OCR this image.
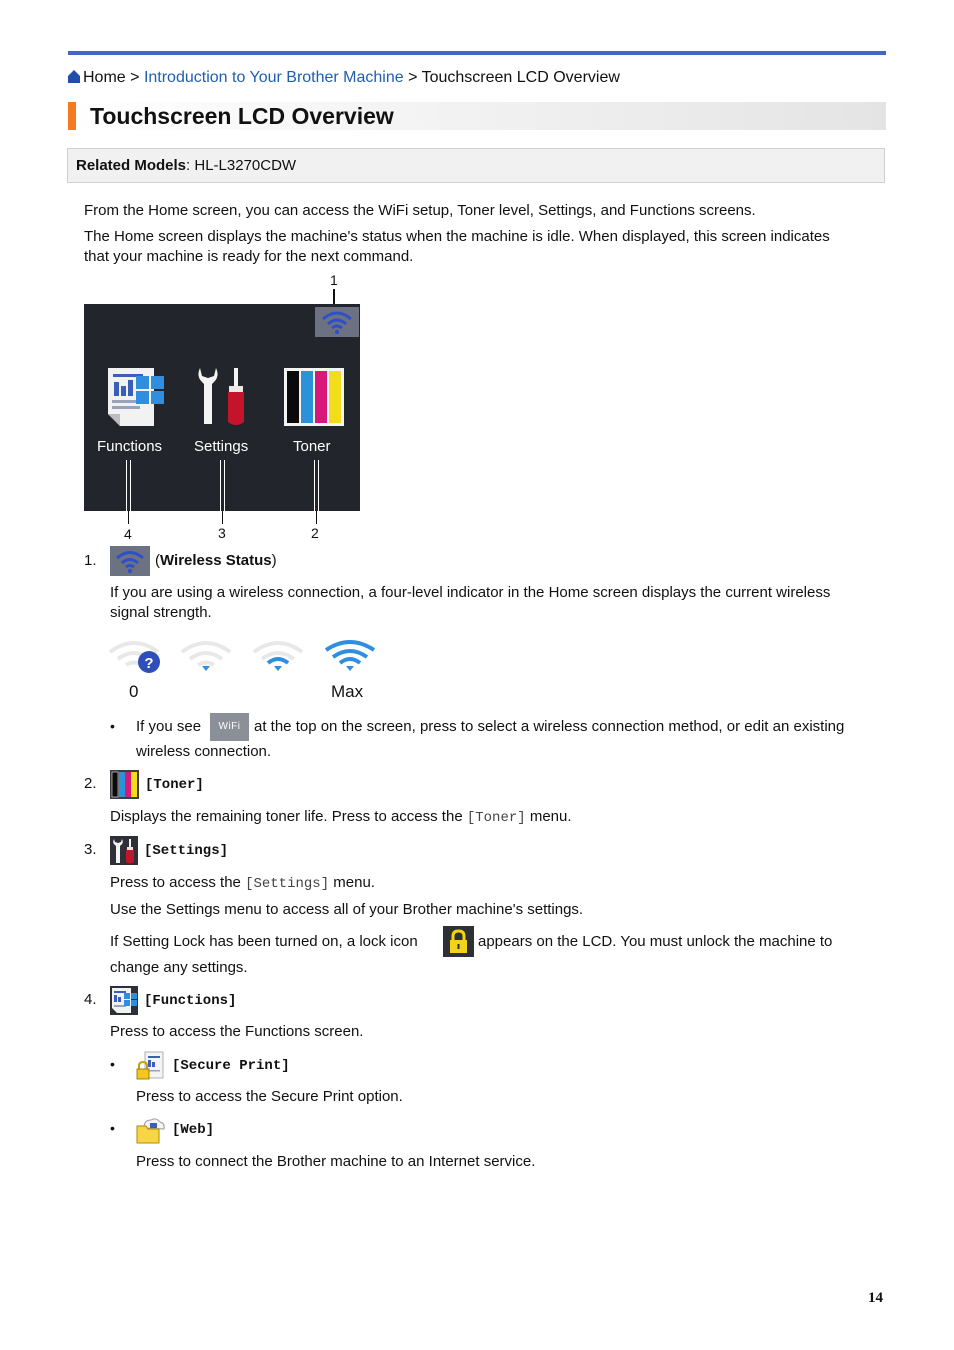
Home > Introduction to Your Brother Machine > Touchscreen LCD Overview
Touchscreen LCD Overview
Related Models: HL-L3270CDW
From the Home screen, you can access the WiFi setup, Toner level, Settings, and Functions screens.
The Home screen displays the machine's status when the machine is idle. When displayed, this screen indicates
that your machine is ready for the next command.
1
Functions Settings	Toner
4	3	2
1.	(Wireless Status)
If you are using a wireless connection, a four-level indicator in the Home screen displays the current wireless
signal strength.
?
0	Max
• If you see	WiFi at the top on the screen, press to select a wireless connection method, or edit an existing
wireless connection.
2.	[Toner]
Displays the remaining toner life. Press to access the [Toner] menu.
3.	[Settings]
Press to access the [Settings] menu.
Use the Settings menu to access all of your Brother machine's settings.
If Setting Lock has been turned on, a lock icon	appears on the LCD. You must unlock the machine to
change any settings.
4.	[Functions]
Press to access the Functions screen.
•	[Secure Print]
Press to access the Secure Print option.
•	[Web]
Press to connect the Brother machine to an Internet service.
14
